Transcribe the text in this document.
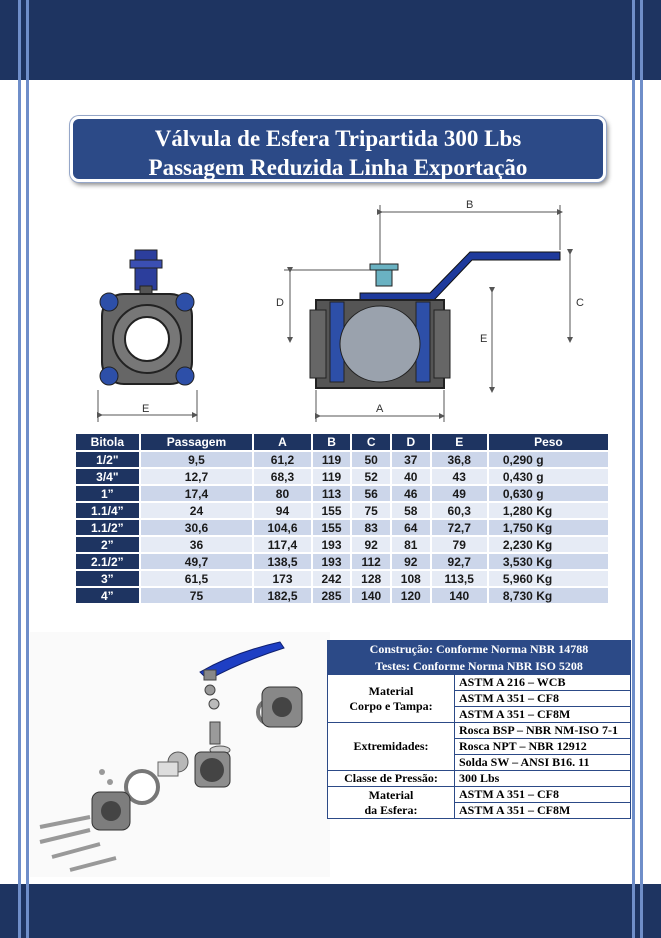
Válvula de Esfera Tripartida 300 Lbs
Passagem Reduzida Linha Exportação
E
B
D	C
E
A
Bitola	Passagem	A	B	C	D	E	Peso
1/2"	9,5	61,2	119	50	37	36,8	0,290 g
3/4"	12,7	68,3	119	52	40	43	0,430 g
1”	17,4	80	113	56	46	49	0,630 g
1.1/4”	24	94	155	75	58	60,3	1,280 Kg
1.1/2”	30,6	104,6	155	83	64	72,7	1,750 Kg
2”	36	117,4	193	92	81	79	2,230 Kg
2.1/2”	49,7	138,5	193	112	92	92,7	3,530 Kg
3”	61,5	173	242	128	108	113,5	5,960 Kg
4”	75	182,5	285	140	120	140	8,730 Kg
Construção: Conforme Norma NBR 14788	
Testes: Conforme Norma NBR ISO 5208	

Material
Corpo e Tampa:	ASTM A 216 – WCB
	ASTM A 351 – CF8
	ASTM A 351 – CF8M
Extremidades:	Rosca BSP – NBR NM-ISO 7-1
	Rosca NPT – NBR 12912
	Solda SW – ANSI B16. 11
Classe de Pressão:	300 Lbs

Material
da Esfera:	ASTM A 351 – CF8
	ASTM A 351 – CF8M
